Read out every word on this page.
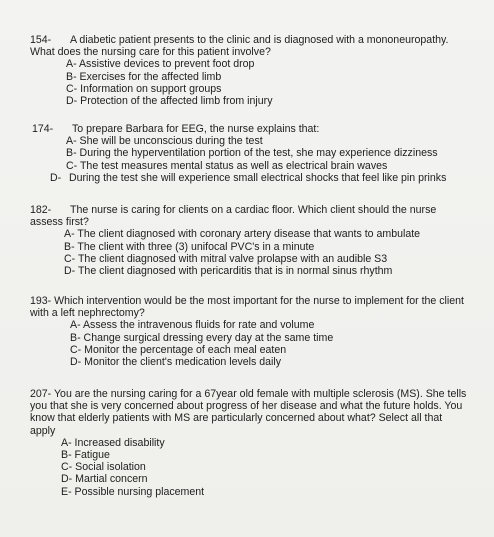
154- A diabetic patient presents to the clinic and is diagnosed with a mononeuropathy. What does the nursing care for this patient involve?

A- Assistive devices to prevent foot drop
B- Exercises for the affected limb
C- Information on support groups
D- Protection of the affected limb from injury

174- To prepare Barbara for EEG, the nurse explains that:

A- She will be unconscious during the test
B- During the hyperventilation portion of the test, she may experience dizziness
C- The test measures mental status as well as electrical brain waves
D- During the test she will experience small electrical shocks that feel like pin prinks

182- The nurse is caring for clients on a cardiac floor. Which client should the nurse assess first?

A- The client diagnosed with coronary artery disease that wants to ambulate
B- The client with three (3) unifocal PVC's in a minute
C- The client diagnosed with mitral valve prolapse with an audible S3
D- The client diagnosed with pericarditis that is in normal sinus rhythm

193- Which intervention would be the most important for the nurse to implement for the client with a left nephrectomy?

A- Assess the intravenous fluids for rate and volume
B- Change surgical dressing every day at the same time
C- Monitor the percentage of each meal eaten
D- Monitor the client's medication levels daily

207- You are the nursing caring for a 67year old female with multiple sclerosis (MS). She tells you that she is very concerned about progress of her disease and what the future holds. You know that elderly patients with MS are particularly concerned about what? Select all that apply

A- Increased disability
B- Fatigue
C- Social isolation
D- Martial concern
E- Possible nursing placement
